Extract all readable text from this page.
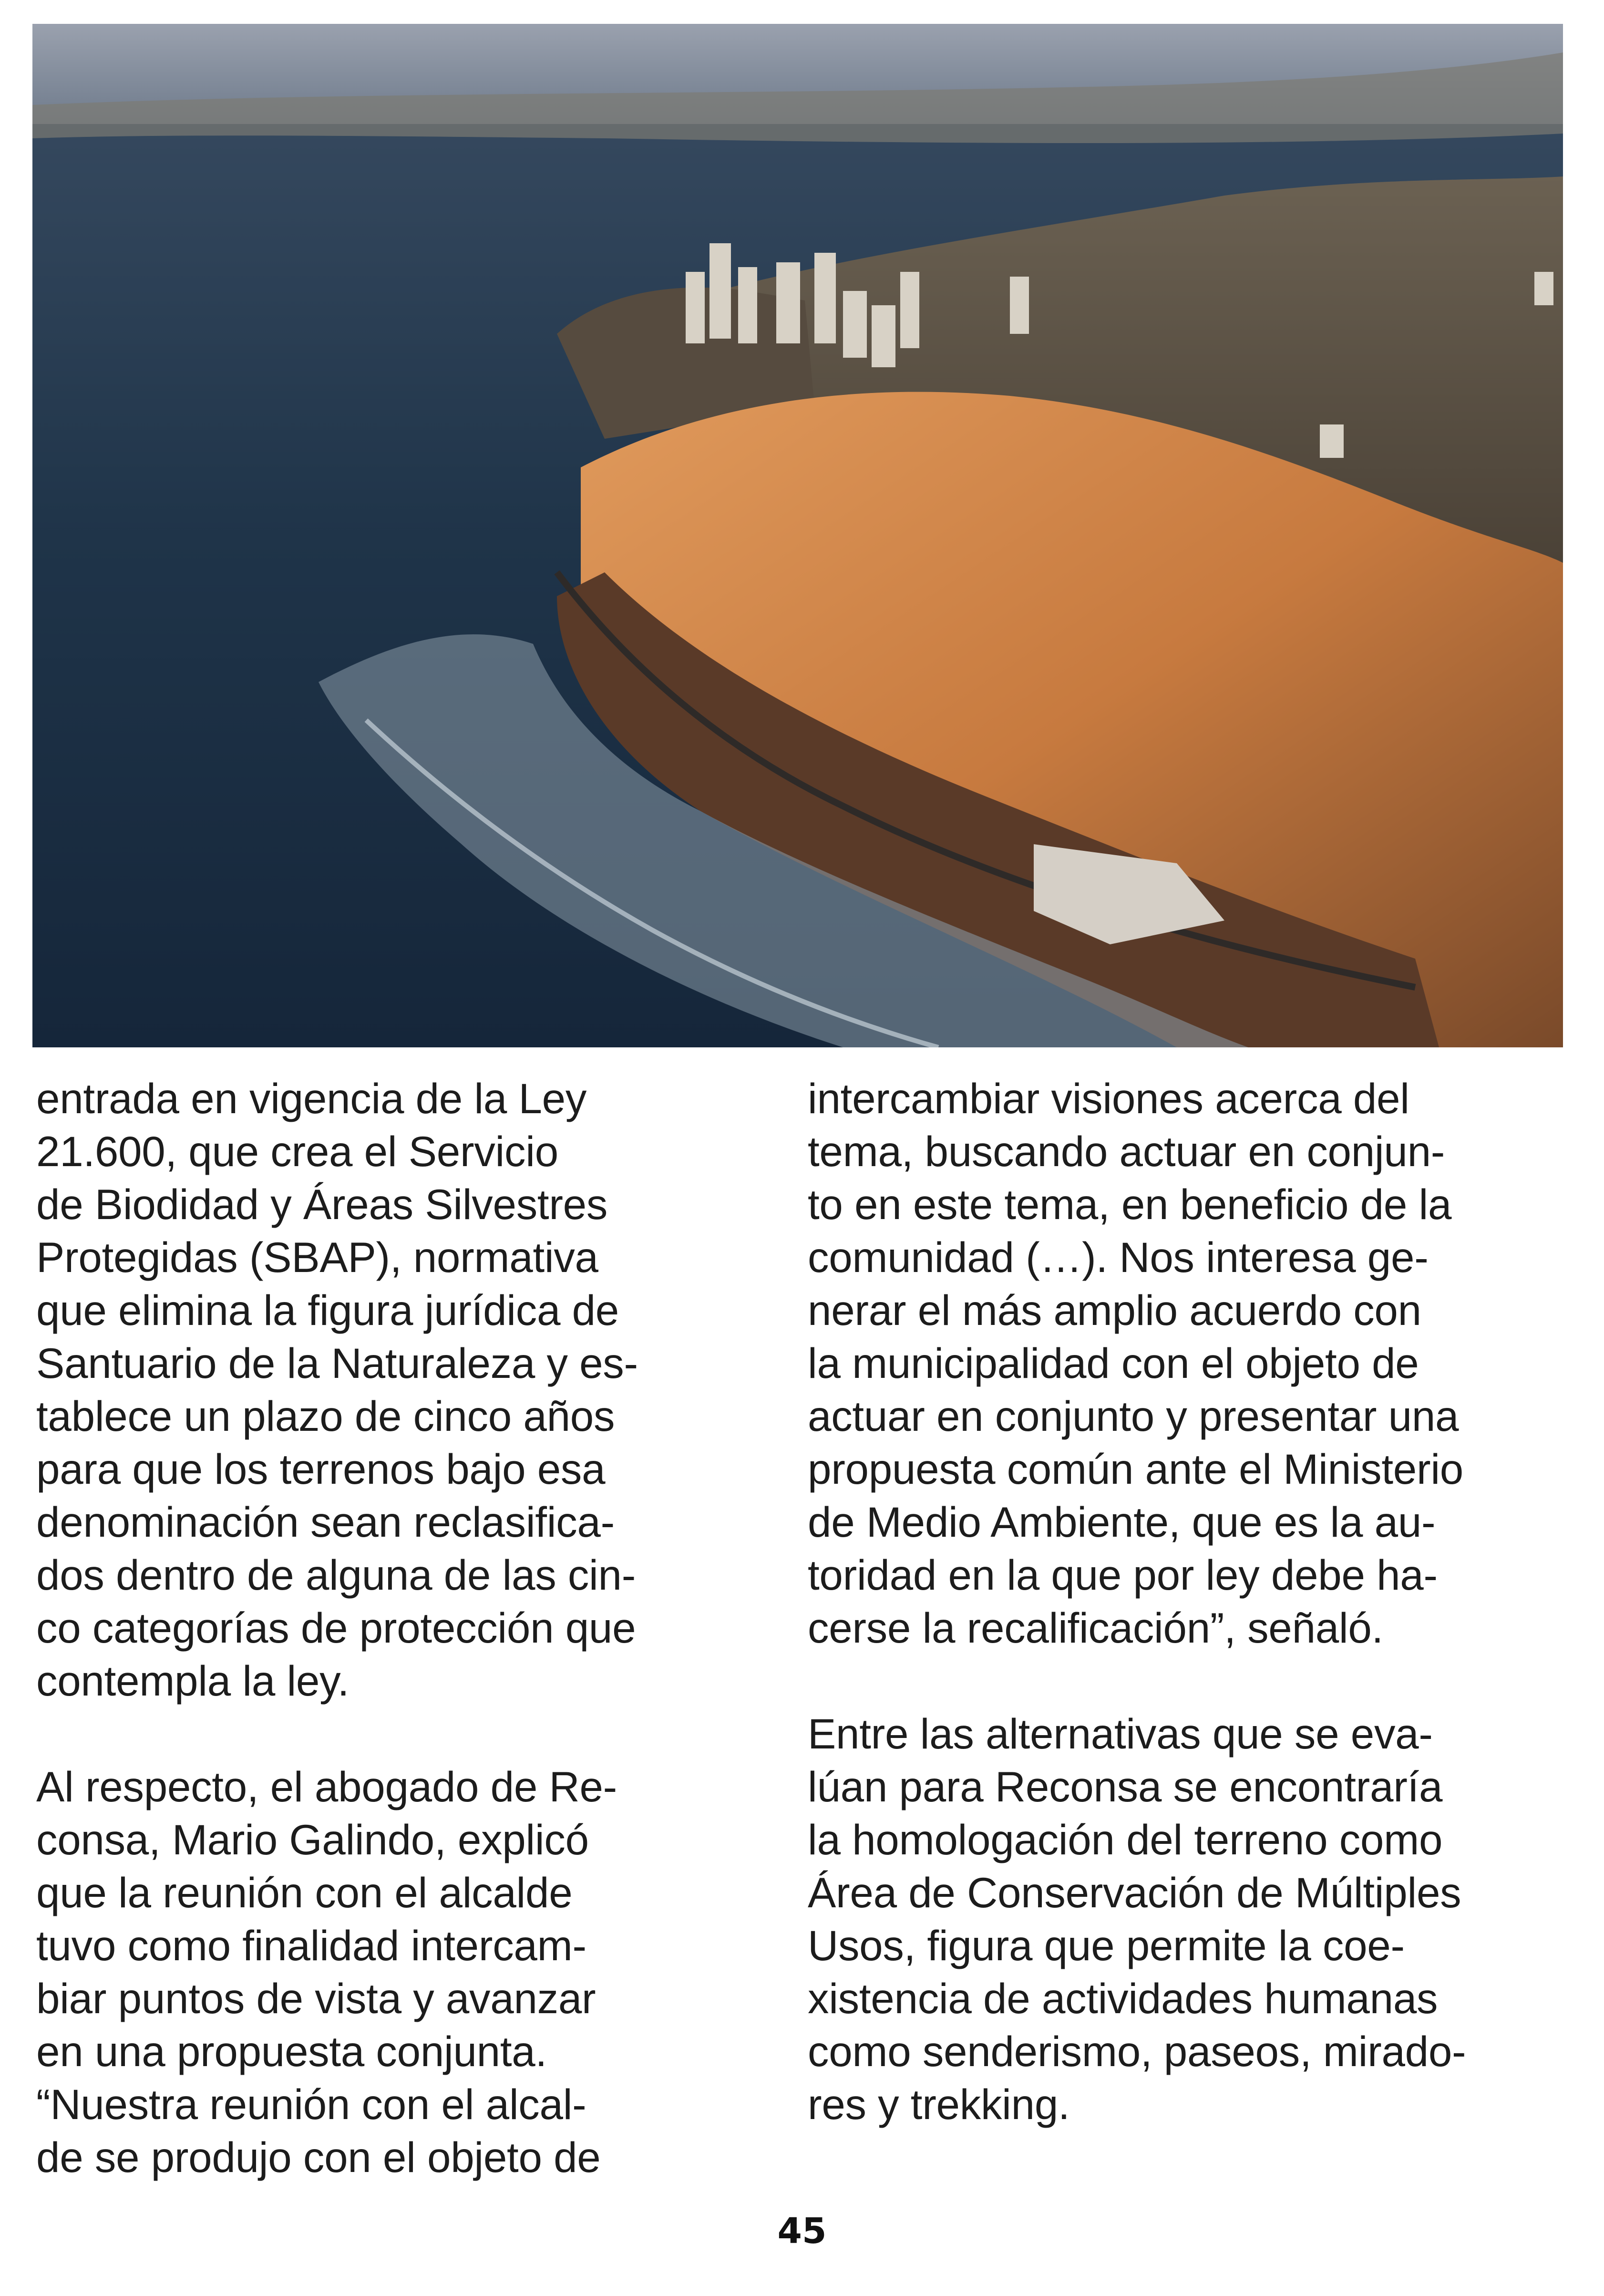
entrada en vigencia de la Ley
21.600, que crea el Servicio
de Biodidad y Áreas Silvestres
Protegidas (SBAP), normativa
que elimina la figura jurídica de
Santuario de la Naturaleza y es-
tablece un plazo de cinco años
para que los terrenos bajo esa
denominación sean reclasifica-
dos dentro de alguna de las cin-
co categorías de protección que
contempla la ley.

Al respecto, el abogado de Re-
consa, Mario Galindo, explicó
que la reunión con el alcalde
tuvo como finalidad intercam-
biar puntos de vista y avanzar
en una propuesta conjunta.
“Nuestra reunión con el alcal-
de se produjo con el objeto de

intercambiar visiones acerca del
tema, buscando actuar en conjun-
to en este tema, en beneficio de la
comunidad (…). Nos interesa ge-
nerar el más amplio acuerdo con
la municipalidad con el objeto de
actuar en conjunto y presentar una
propuesta común ante el Ministerio
de Medio Ambiente, que es la au-
toridad en la que por ley debe ha-
cerse la recalificación”, señaló.

Entre las alternativas que se eva-
lúan para Reconsa se encontraría
la homologación del terreno como
Área de Conservación de Múltiples
Usos, figura que permite la coe-
xistencia de actividades humanas
como senderismo, paseos, mirado-
res y trekking.

45
